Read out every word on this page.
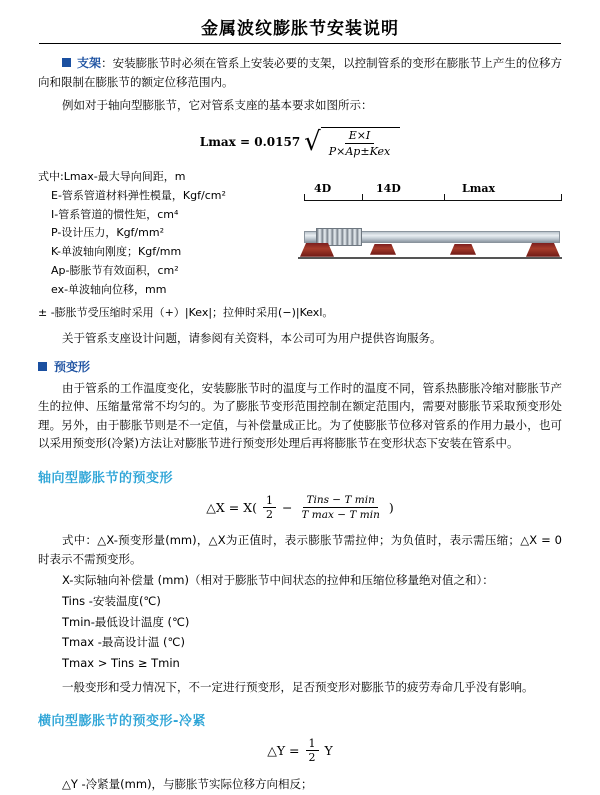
金属波纹膨胀节安装说明

支架：安装膨胀节时必须在管系上安装必要的支架，以控制管系的变形在膨胀节上产生的位移方向和限制在膨胀节的额定位移范围内。

例如对于轴向型膨胀节，它对管系支座的基本要求如图所示：

Lmax = 0.0157 √ $\frac{E\times I}{\text{P×Ap±Kex}}$
式中:Lmax-最大导向间距，m
E-管系管道材料弹性模量，Kgf/cm²
I-管系管道的惯性矩，cm⁴
P-设计压力，Kgf/mm²
K-单波轴向刚度；Kgf/mm
Ap-膨胀节有效面积，cm²
ex-单波轴向位移，mm
± -膨胀节受压缩时采用（+）|Kex|；拉伸时采用(−)|Kexl。
4D	14D	Lmax

关于管系支座设计问题，请参阅有关资料，本公司可为用户提供咨询服务。

预变形

由于管系的工作温度变化，安装膨胀节时的温度与工作时的温度不同，管系热膨胀冷缩对膨胀节产生的拉伸、压缩量常常不均匀的。为了膨胀节变形范围控制在额定范围内，需要对膨胀节采取预变形处理。另外，由于膨胀节则是不一定值，与补偿量成正比。为了使膨胀节位移对管系的作用力最小，也可以采用预变形(冷紧)方法让对膨胀节进行预变形处理后再将膨胀节在变形状态下安装在管系中。

轴向型膨胀节的预变形
△X = $X( \frac{1}{2} - \frac{\text{Tins − T min}}{\text{T max − T min}}$ )

式中：△X-预变形量(mm)，△X为正值时，表示膨胀节需拉伸；为负值时，表示需压缩；△X = 0时表示不需预变形。

X-实际轴向补偿量 (mm)（相对于膨胀节中间状态的拉伸和压缩位移量绝对值之和）：
Tins -安装温度(℃)
Tmin-最低设计温度 (℃)
Tmax -最高设计温 (℃)
Tmax > Tins ≥ Tmin

一般变形和受力情况下，不一定进行预变形，足否预变形对膨胀节的疲劳寿命几乎没有影响。

横向型膨胀节的预变形-冷紧
△Y = $\frac{1}{2}$ Y
△Y -冷紧量(mm)，与膨胀节实际位移方向相反；
